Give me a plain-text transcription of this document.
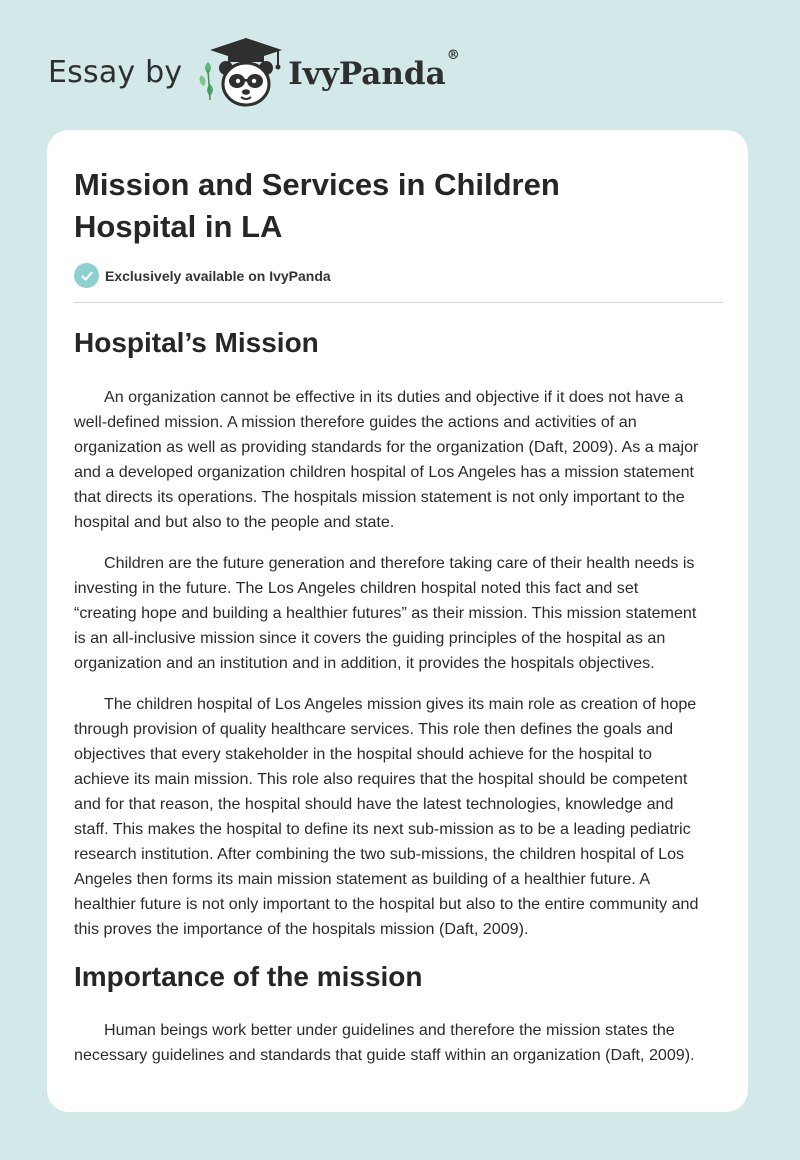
Essay by	IvyPanda®
Mission and Services in Children
Hospital in LA
Exclusively available on IvyPanda
Hospital’s Mission

An organization cannot be effective in its duties and objective if it does not have a
well-defined mission. A mission therefore guides the actions and activities of an
organization as well as providing standards for the organization (Daft, 2009). As a major
and a developed organization children hospital of Los Angeles has a mission statement
that directs its operations. The hospitals mission statement is not only important to the
hospital and but also to the people and state.

Children are the future generation and therefore taking care of their health needs is
investing in the future. The Los Angeles children hospital noted this fact and set
“creating hope and building a healthier futures” as their mission. This mission statement
is an all-inclusive mission since it covers the guiding principles of the hospital as an
organization and an institution and in addition, it provides the hospitals objectives.

The children hospital of Los Angeles mission gives its main role as creation of hope
through provision of quality healthcare services. This role then defines the goals and
objectives that every stakeholder in the hospital should achieve for the hospital to
achieve its main mission. This role also requires that the hospital should be competent
and for that reason, the hospital should have the latest technologies, knowledge and
staff. This makes the hospital to define its next sub-mission as to be a leading pediatric
research institution. After combining the two sub-missions, the children hospital of Los
Angeles then forms its main mission statement as building of a healthier future. A
healthier future is not only important to the hospital but also to the entire community and
this proves the importance of the hospitals mission (Daft, 2009).

Importance of the mission

Human beings work better under guidelines and therefore the mission states the
necessary guidelines and standards that guide staff within an organization (Daft, 2009).
